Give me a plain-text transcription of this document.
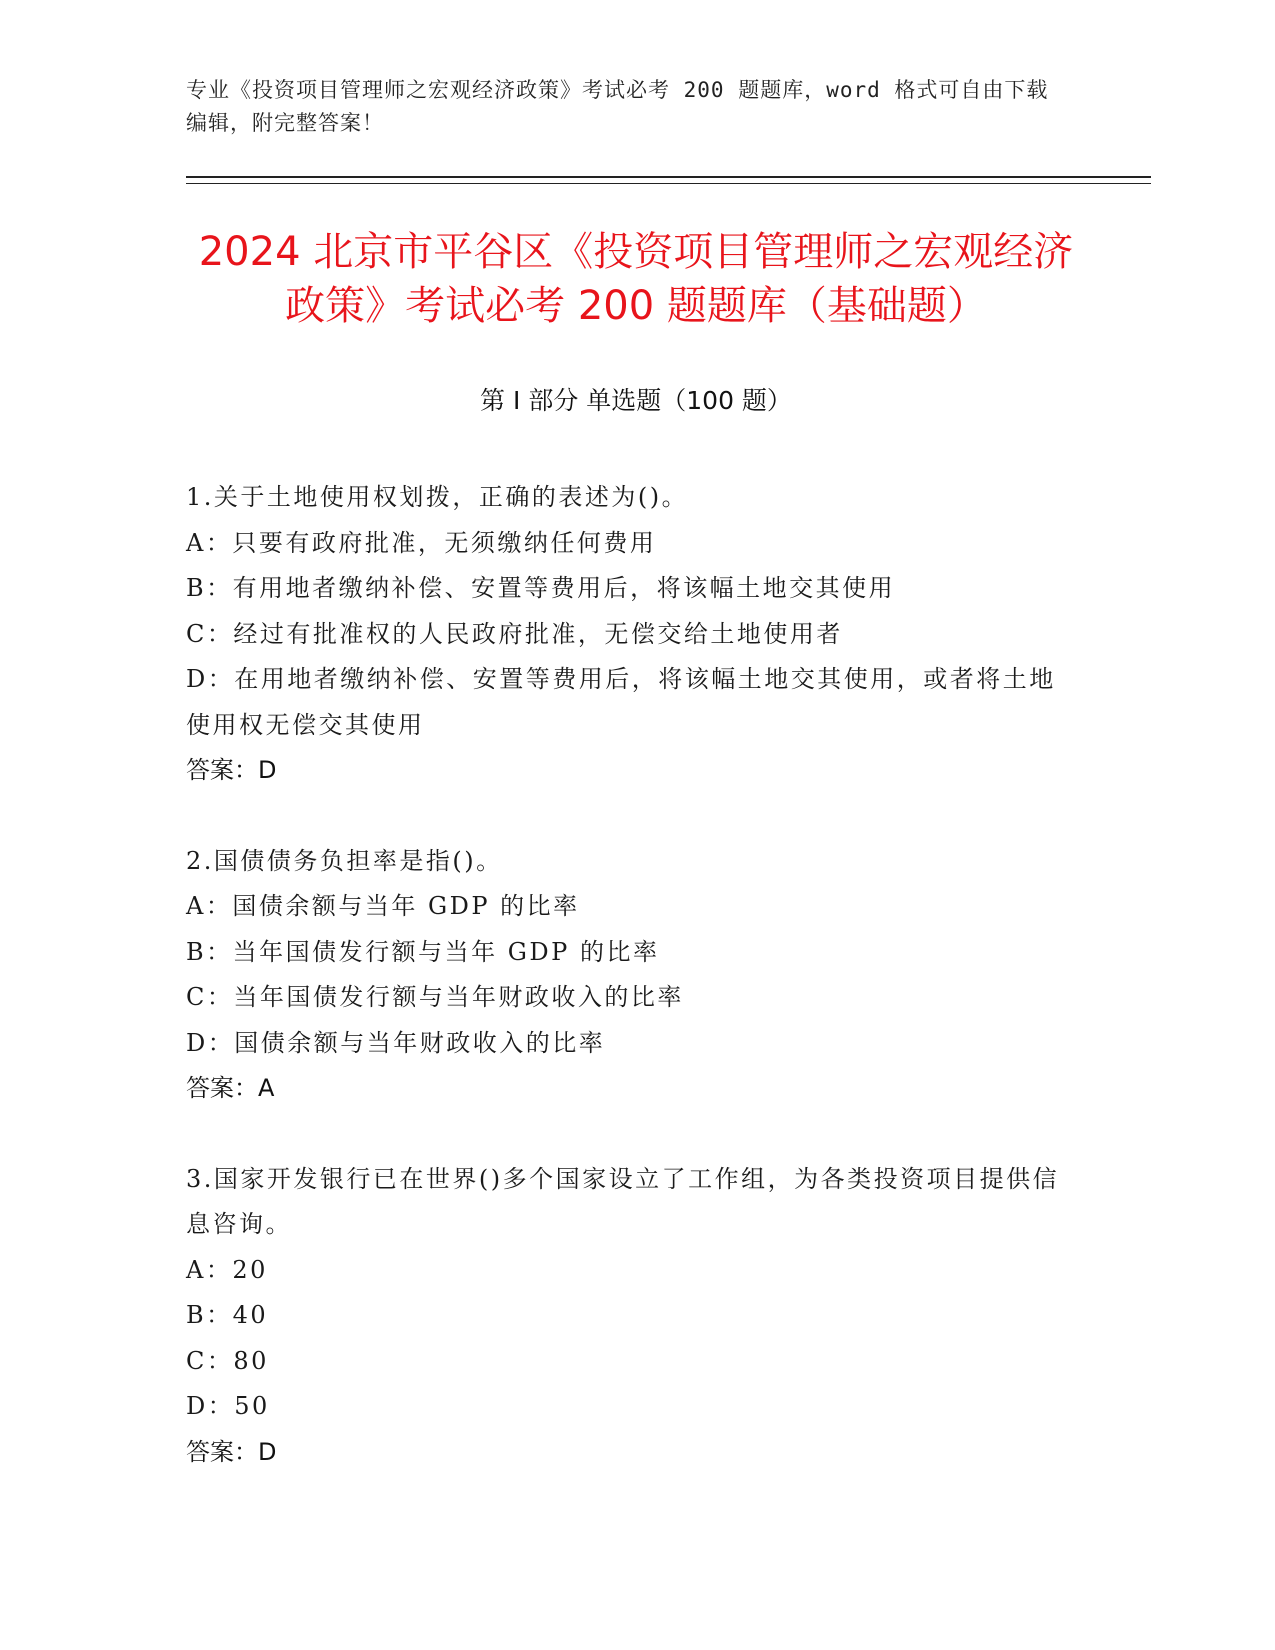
专业《投资项目管理师之宏观经济政策》考试必考 200 题题库，word 格式可自由下载编辑，附完整答案！
2024 北京市平谷区《投资项目管理师之宏观经济政策》考试必考 200 题题库（基础题）
第 I 部分 单选题（100 题）
1.关于土地使用权划拨，正确的表述为()。
A：只要有政府批准，无须缴纳任何费用
B：有用地者缴纳补偿、安置等费用后，将该幅土地交其使用
C：经过有批准权的人民政府批准，无偿交给土地使用者
D：在用地者缴纳补偿、安置等费用后，将该幅土地交其使用，或者将土地使用权无偿交其使用
答案：D
2.国债债务负担率是指()。
A：国债余额与当年 GDP 的比率
B：当年国债发行额与当年 GDP 的比率
C：当年国债发行额与当年财政收入的比率
D：国债余额与当年财政收入的比率
答案：A
3.国家开发银行已在世界()多个国家设立了工作组，为各类投资项目提供信息咨询。
A：20
B：40
C：80
D：50
答案：D
